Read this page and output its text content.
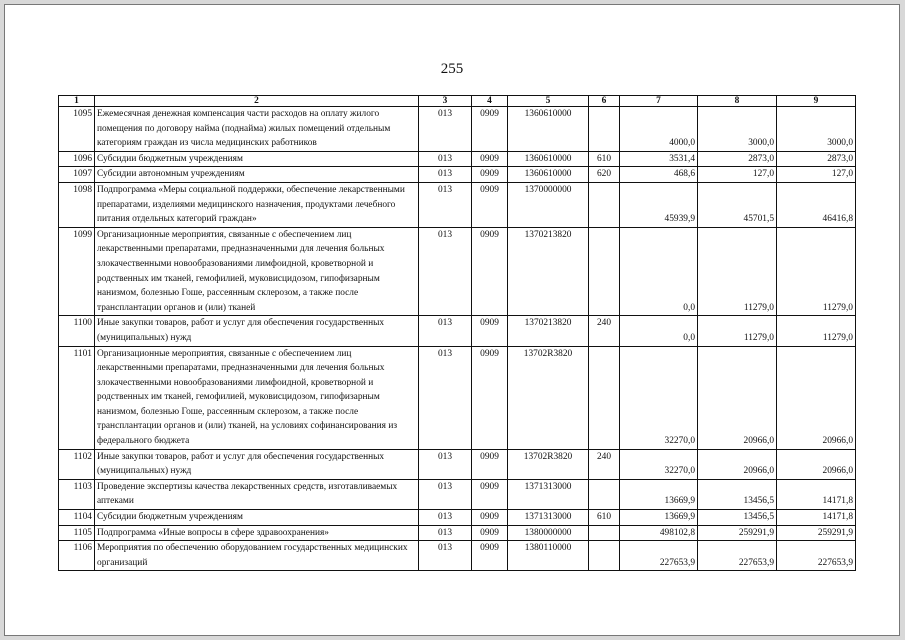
255
1	2	3	4	5	6	7	8	9
1095	Ежемесячная денежная компенсация части расходов на оплату жилого помещения по договору найма (поднайма) жилых помещений отдельным категориям граждан из числа медицинских работников	013	0909	1360610000		4000,0	3000,0	3000,0
1096	Субсидии бюджетным учреждениям	013	0909	1360610000	610	3531,4	2873,0	2873,0
1097	Субсидии автономным учреждениям	013	0909	1360610000	620	468,6	127,0	127,0
1098	Подпрограмма «Меры социальной поддержки, обеспечение лекарственными препаратами, изделиями медицинского назначения, продуктами лечебного питания отдельных категорий граждан»	013	0909	1370000000		45939,9	45701,5	46416,8
1099	Организационные мероприятия, связанные с обеспечением лиц лекарственными препаратами, предназначенными для лечения больных злокачественными новообразованиями лимфоидной, кроветворной и родственных им тканей, гемофилией, муковисцидозом, гипофизарным нанизмом, болезнью Гоше, рассеянным склерозом, а также после трансплантации органов и (или) тканей	013	0909	1370213820		0,0	11279,0	11279,0
1100	Иные закупки товаров, работ и услуг для обеспечения государственных (муниципальных) нужд	013	0909	1370213820	240	0,0	11279,0	11279,0
1101	Организационные мероприятия, связанные с обеспечением лиц лекарственными препаратами, предназначенными для лечения больных злокачественными новообразованиями лимфоидной, кроветворной и родственных им тканей, гемофилией, муковисцидозом, гипофизарным нанизмом, болезнью Гоше, рассеянным склерозом, а также после трансплантации органов и (или) тканей, на условиях софинансирования из федерального бюджета	013	0909	13702R3820		32270,0	20966,0	20966,0
1102	Иные закупки товаров, работ и услуг для обеспечения государственных (муниципальных) нужд	013	0909	13702R3820	240	32270,0	20966,0	20966,0
1103	Проведение экспертизы качества лекарственных средств, изготавливаемых аптеками	013	0909	1371313000		13669,9	13456,5	14171,8
1104	Субсидии бюджетным учреждениям	013	0909	1371313000	610	13669,9	13456,5	14171,8
1105	Подпрограмма «Иные вопросы в сфере здравоохранения»	013	0909	1380000000		498102,8	259291,9	259291,9
1106	Мероприятия по обеспечению оборудованием государственных медицинских организаций	013	0909	1380110000		227653,9	227653,9	227653,9
